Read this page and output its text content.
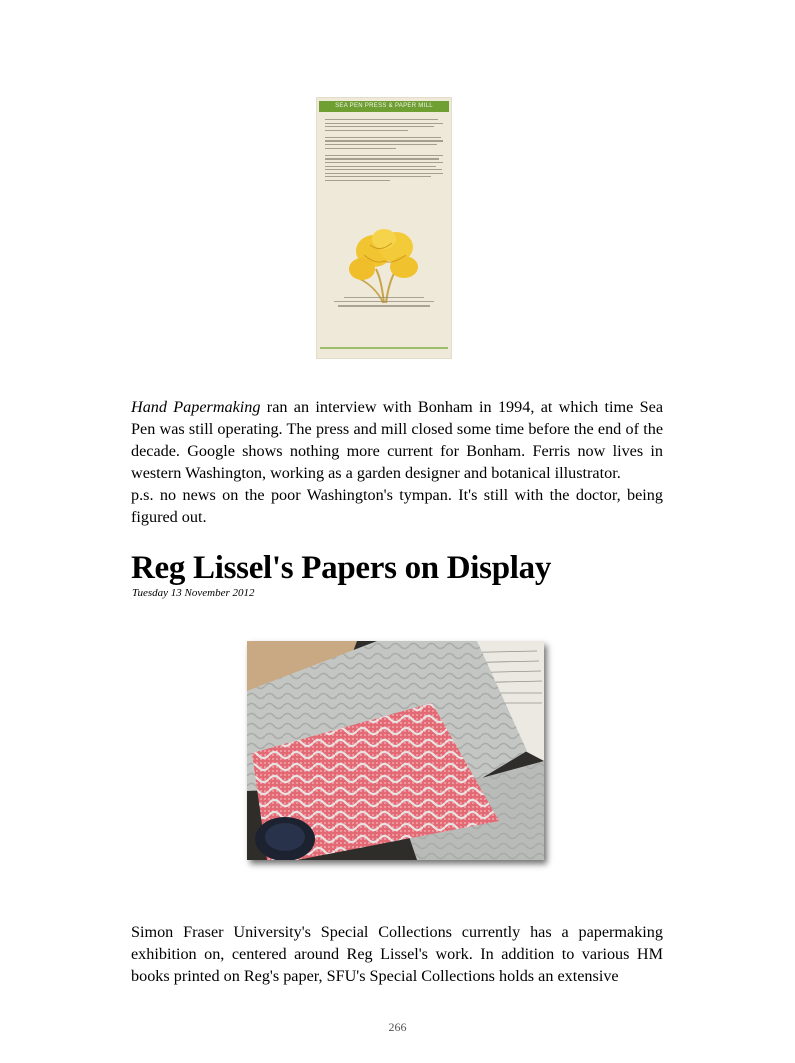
SEA PEN PRESS & PAPER MILL
Hand Papermaking ran an interview with Bonham in 1994, at which time Sea Pen was still operating. The press and mill closed some time before the end of the decade. Google shows nothing more current for Bonham. Ferris now lives in western Washington, working as a garden designer and botanical illustrator.
p.s. no news on the poor Washington's tympan. It's still with the doctor, being figured out.
Reg Lissel's Papers on Display
Tuesday 13 November 2012
Simon Fraser University's Special Collections currently has a papermaking exhibition on, centered around Reg Lissel's work. In addition to various HM books printed on Reg's paper, SFU's Special Collections holds an extensive
266
